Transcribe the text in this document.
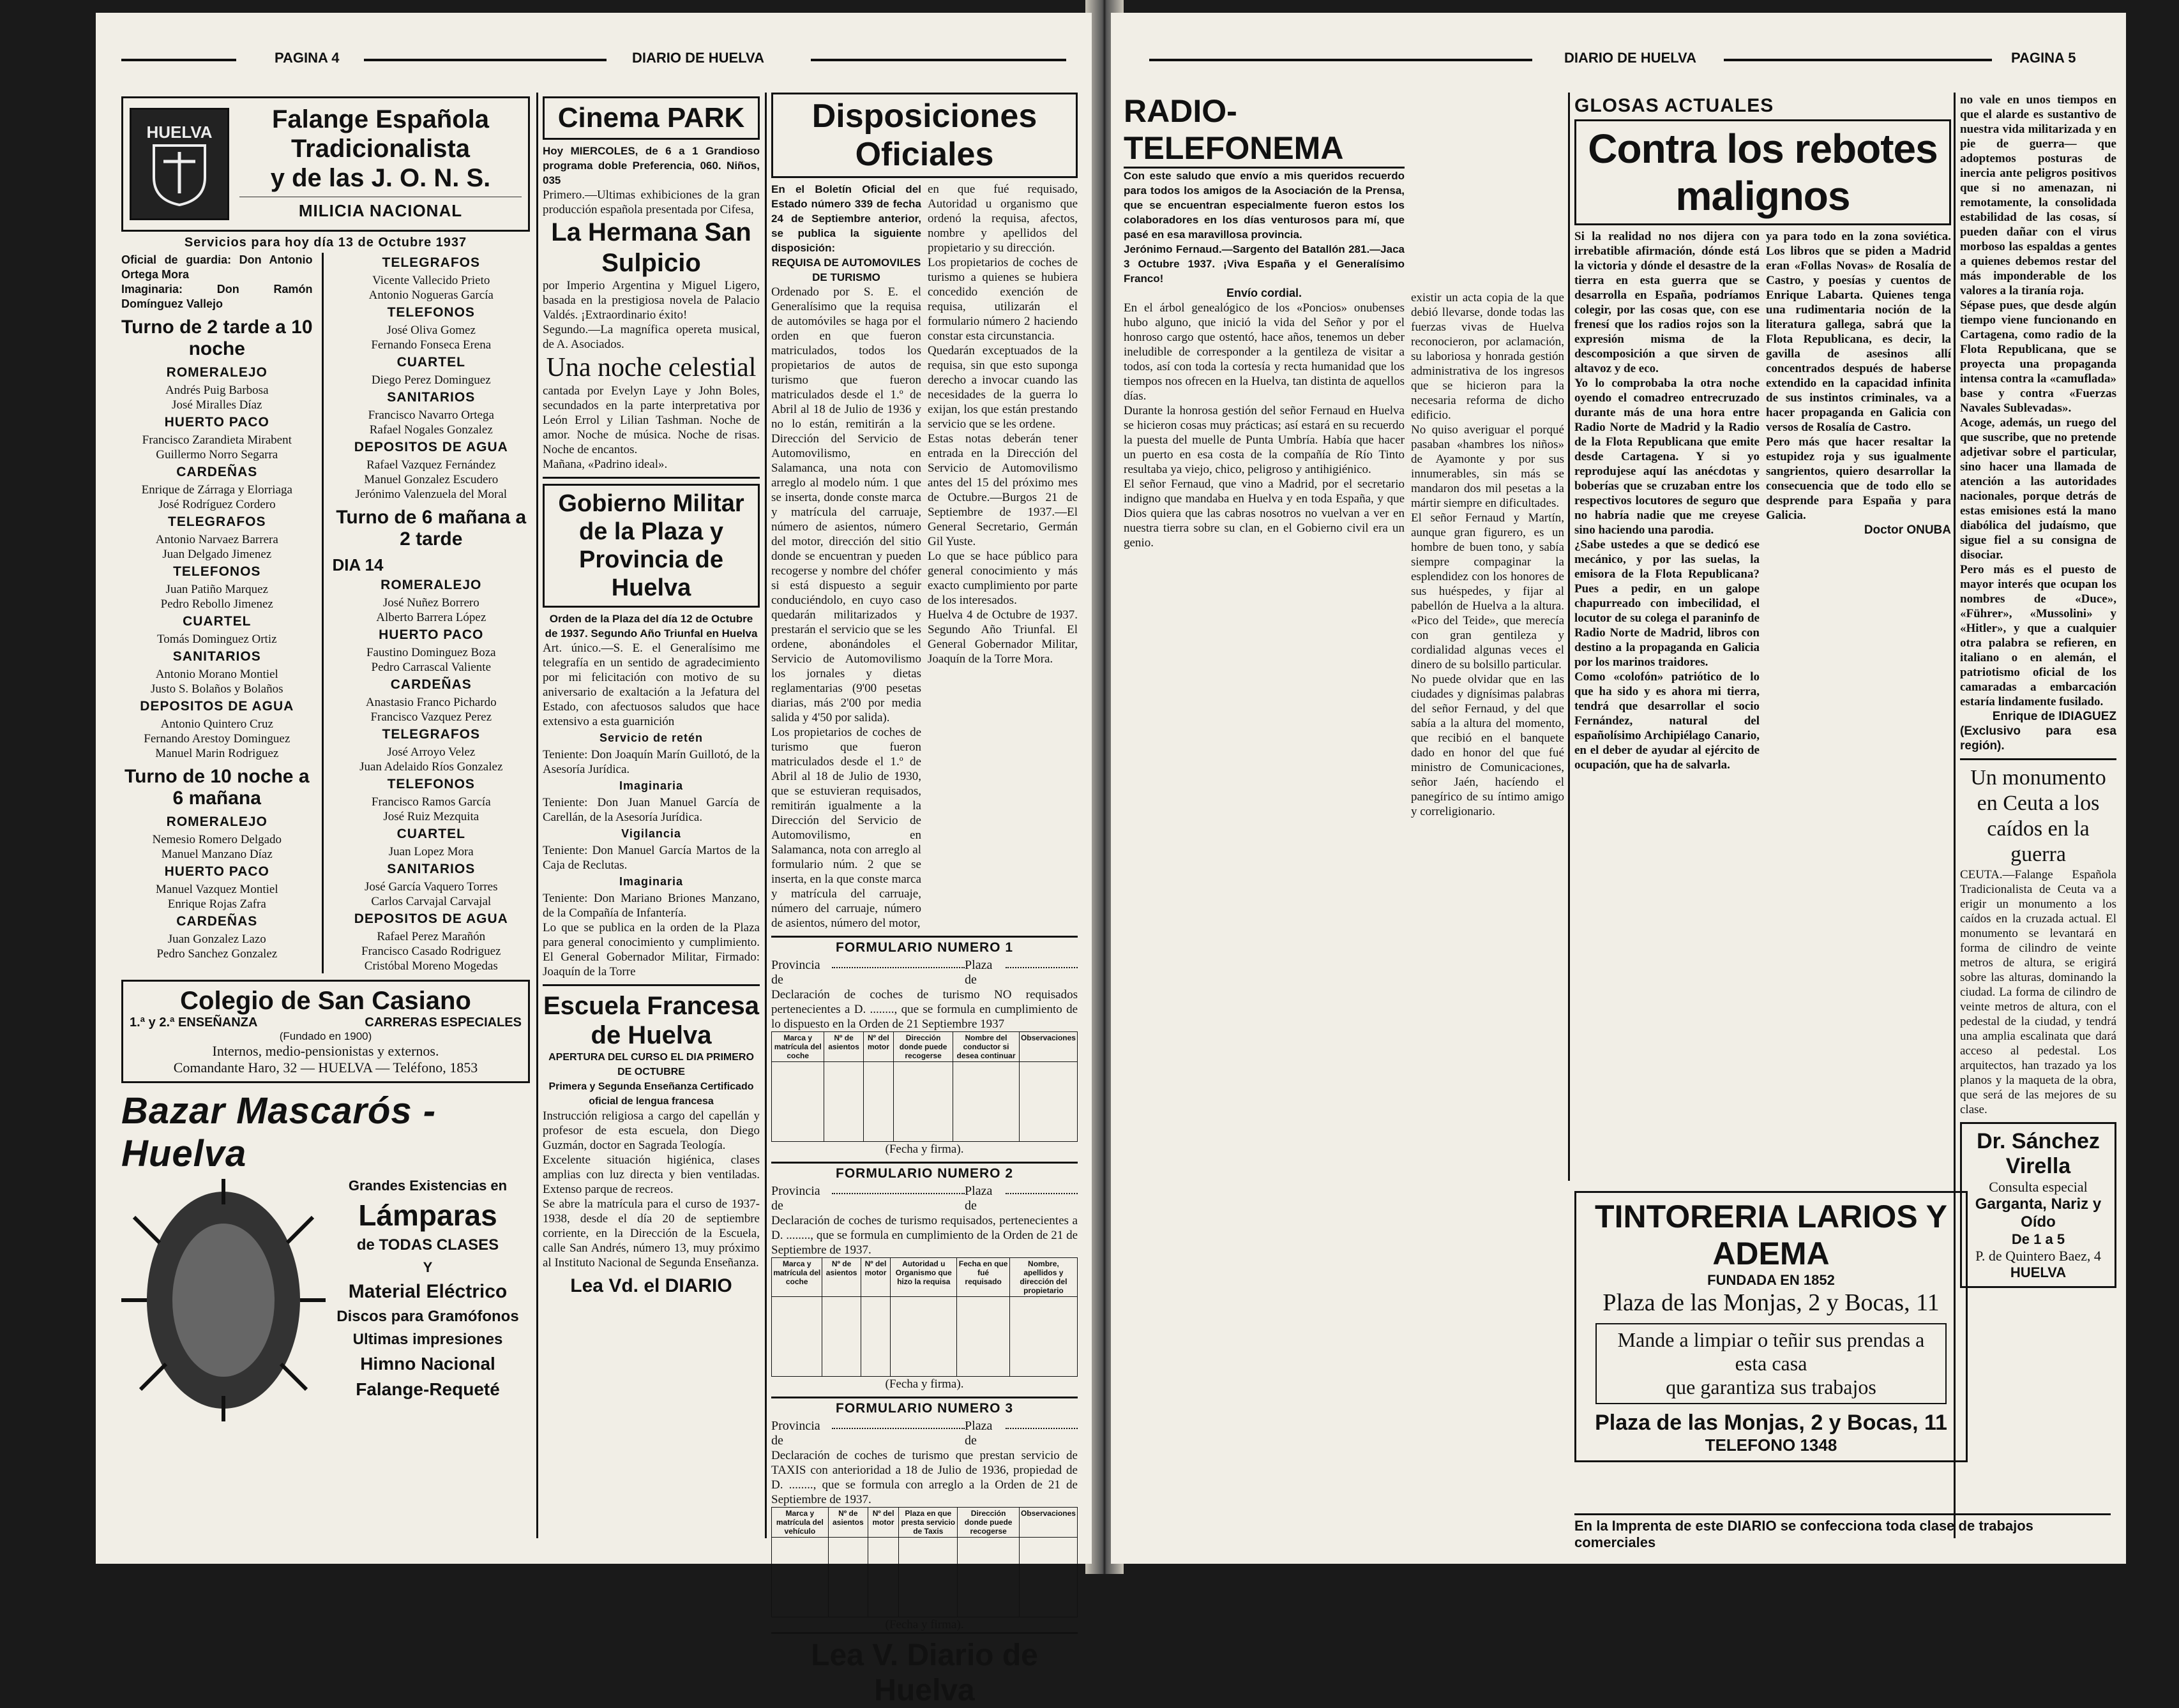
PAGINA 4	DIARIO DE HUELVA
HUELVA	Falange Española
Tradicionalista
y de las J. O. N. S.
MILICIA NACIONAL
Servicios para hoy día 13 de Octubre 1937
Oficial de guardia: Don Antonio Ortega Mora
Imaginaria: Don Ramón Domínguez Vallejo
Turno de 2 tarde a 10 noche
ROMERALEJO
Andrés Puig Barbosa
José Miralles Díaz
HUERTO PACO
Francisco Zarandieta Mirabent
Guillermo Norro Segarra
CARDEÑAS
Enrique de Zárraga y Elorriaga
José Rodríguez Cordero
TELEGRAFOS
Antonio Narvaez Barrera
Juan Delgado Jimenez
TELEFONOS
Juan Patiño Marquez
Pedro Rebollo Jimenez
CUARTEL
Tomás Dominguez Ortiz
SANITARIOS
Antonio Morano Montiel
Justo S. Bolaños y Bolaños
DEPOSITOS DE AGUA
Antonio Quintero Cruz
Fernando Arestoy Dominguez
Manuel Marin Rodriguez
Turno de 10 noche a 6 mañana
ROMERALEJO
Nemesio Romero Delgado
Manuel Manzano Díaz
HUERTO PACO
Manuel Vazquez Montiel
Enrique Rojas Zafra
CARDEÑAS
Juan Gonzalez Lazo
Pedro Sanchez Gonzalez
TELEGRAFOS
Vicente Vallecido Prieto
Antonio Nogueras García
TELEFONOS
José Oliva Gomez
Fernando Fonseca Erena
CUARTEL
Diego Perez Dominguez
SANITARIOS
Francisco Navarro Ortega
Rafael Nogales Gonzalez
DEPOSITOS DE AGUA
Rafael Vazquez Fernández
Manuel Gonzalez Escudero
Jerónimo Valenzuela del Moral
Turno de 6 mañana a 2 tarde
DIA 14
ROMERALEJO
José Nuñez Borrero
Alberto Barrera López
HUERTO PACO
Faustino Dominguez Boza
Pedro Carrascal Valiente
CARDEÑAS
Anastasio Franco Pichardo
Francisco Vazquez Perez
TELEGRAFOS
José Arroyo Velez
Juan Adelaido Ríos Gonzalez
TELEFONOS
Francisco Ramos García
José Ruiz Mezquita
CUARTEL
Juan Lopez Mora
SANITARIOS
José García Vaquero Torres
Carlos Carvajal Carvajal
DEPOSITOS DE AGUA
Rafael Perez Marañón
Francisco Casado Rodriguez
Cristóbal Moreno Mogedas
Colegio de San Casiano
1.ª y 2.ª ENSEÑANZA	CARRERAS ESPECIALES
(Fundado en 1900)
Internos, medio-pensionistas y externos.
Comandante Haro, 32 — HUELVA — Teléfono, 1853
Bazar Mascarós - Huelva
Grandes Existencias en
Lámparas
de TODAS CLASES
Y
Material Eléctrico
Discos para Gramófonos
Ultimas impresiones
Himno Nacional
Falange-Requeté
Cinema PARK
Hoy MIERCOLES, de 6 a 1 Grandioso programa doble Preferencia, 060. Niños, 035
Primero.—Ultimas exhibiciones de la gran producción española presentada por Cifesa,
La Hermana San Sulpicio
por Imperio Argentina y Miguel Ligero, basada en la prestigiosa novela de Palacio Valdés. ¡Extraordinario éxito!
Segundo.—La magnífica opereta musical, de A. Asociados.
Una noche celestial
cantada por Evelyn Laye y John Boles, secundados en la parte interpretativa por León Errol y Lilian Tashman. Noche de amor. Noche de música. Noche de risas. Noche de encantos.
Mañana, «Padrino ideal».
Gobierno Militar de la Plaza y Provincia de Huelva
Orden de la Plaza del día 12 de Octubre de 1937. Segundo Año Triunfal en Huelva
Art. único.—S. E. el Generalísimo me telegrafía en un sentido de agradecimiento por mi felicitación con motivo de su aniversario de exaltación a la Jefatura del Estado, con afectuosos saludos que hace extensivo a esta guarnición
Servicio de retén
Teniente: Don Joaquín Marín Guillotó, de la Asesoría Jurídica.
Imaginaria
Teniente: Don Juan Manuel García de Carellán, de la Asesoría Jurídica.
Vigilancia
Teniente: Don Manuel García Martos de la Caja de Reclutas.
Imaginaria
Teniente: Don Mariano Briones Manzano, de la Compañía de Infantería.
Lo que se publica en la orden de la Plaza para general conocimiento y cumplimiento. El General Gobernador Militar, Firmado: Joaquín de la Torre
Escuela Francesa de Huelva
APERTURA DEL CURSO EL DIA PRIMERO DE OCTUBRE
Primera y Segunda Enseñanza Certificado oficial de lengua francesa
Instrucción religiosa a cargo del capellán y profesor de esta escuela, don Diego Guzmán, doctor en Sagrada Teología.
Excelente situación higiénica, clases amplias con luz directa y bien ventiladas. Extenso parque de recreos.
Se abre la matrícula para el curso de 1937-1938, desde el día 20 de septiembre corriente, en la Dirección de la Escuela, calle San Andrés, número 13, muy próximo al Instituto Nacional de Segunda Enseñanza.
Lea Vd. el DIARIO
Disposiciones Oficiales
En el Boletín Oficial del Estado número 339 de fecha 24 de Septiembre anterior, se publica la siguiente disposición:
REQUISA DE AUTOMOVILES DE TURISMO
Ordenado por S. E. el Generalísimo que la requisa de automóviles se haga por el orden en que fueron matriculados, todos los propietarios de autos de turismo que fueron matriculados desde el 1.º de Abril al 18 de Julio de 1936 y no lo están, remitirán a la Dirección del Servicio de Automovilismo, en Salamanca, una nota con arreglo al modelo núm. 1 que se inserta, donde conste marca y matrícula del carruaje, número de asientos, número del motor, dirección del sitio donde se encuentran y pueden recogerse y nombre del chófer si está dispuesto a seguir conduciéndolo, en cuyo caso quedarán militarizados y prestarán el servicio que se les ordene, abonándoles el Servicio de Automovilismo los jornales y dietas reglamentarias (9'00 pesetas diarias, más 2'00 por media salida y 4'50 por salida).
Los propietarios de coches de turismo que fueron matriculados desde el 1.º de Abril al 18 de Julio de 1930, que se estuvieran requisados, remitirán igualmente a la Dirección del Servicio de Automovilismo, en Salamanca, nota con arreglo al formulario núm. 2 que se inserta, en la que conste marca y matrícula del carruaje, número del carruaje, número de asientos, número del motor,
en que fué requisado, Autoridad u organismo que ordenó la requisa, afectos, nombre y apellidos del propietario y su dirección.
Los propietarios de coches de turismo a quienes se hubiera concedido exención de requisa, utilizarán el formulario número 2 haciendo constar esta circunstancia.
Quedarán exceptuados de la requisa, sin que esto suponga derecho a invocar cuando las necesidades de la guerra lo exijan, los que están prestando servicio que se les ordene.
Estas notas deberán tener entrada en la Dirección del Servicio de Automovilismo antes del 15 del próximo mes de Octubre.—Burgos 21 de Septiembre de 1937.—El General Secretario, Germán Gil Yuste.
Lo que se hace público para general conocimiento y más exacto cumplimiento por parte de los interesados.
Huelva 4 de Octubre de 1937. Segundo Año Triunfal. El General Gobernador Militar, Joaquín de la Torre Mora.
FORMULARIO NUMERO 1
Provincia de
Plaza de
Declaración de coches de turismo NO requisados pertenecientes a D. ........, que se formula en cumplimiento de lo dispuesto en la Orden de 21 Septiembre 1937
Marca y matrícula del coche	Nº de asientos	Nº del motor	Dirección donde puede recogerse	Nombre del conductor si desea continuar	Observaciones

(Fecha y firma).
FORMULARIO NUMERO 2
Provincia de
Plaza de
Declaración de coches de turismo requisados, pertenecientes a D. ........, que se formula en cumplimiento de la Orden de 21 de Septiembre de 1937.
Marca y matrícula del coche	Nº de asientos	Nº del motor	Autoridad u Organismo que hizo la requisa	Fecha en que fué requisado	Nombre, apellidos y dirección del propietario

(Fecha y firma).
FORMULARIO NUMERO 3
Provincia de
Plaza de
Declaración de coches de turismo que prestan servicio de TAXIS con anterioridad a 18 de Julio de 1936, propiedad de D. ........, que se formula con arreglo a la Orden de 21 de Septiembre de 1937.
Marca y matrícula del vehículo	Nº de asientos	Nº del motor	Plaza en que presta servicio de Taxis	Dirección donde puede recogerse	Observaciones

(Fecha y firma).
Lea V. Diario de Huelva
DIARIO DE HUELVA	PAGINA 5
RADIO-TELEFONEMA
Con este saludo que envío a mis queridos recuerdo para todos los amigos de la Asociación de la Prensa, que se encuentran especialmente fueron estos los colaboradores en los días venturosos para mí, que pasé en esa maravillosa provincia.
Jerónimo Fernaud.—Sargento del Batallón 281.—Jaca 3 Octubre 1937. ¡Viva España y el Generalísimo Franco!
Envío cordial.
En el árbol genealógico de los «Poncios» onubenses hubo alguno, que inició la vida del Señor y por el honroso cargo que ostentó, hace años, tenemos un deber ineludible de corresponder a la gentileza de visitar a todos, así con toda la cortesía y recta humanidad que los tiempos nos ofrecen en la Huelva, tan distinta de aquellos días.
Durante la honrosa gestión del señor Fernaud en Huelva se hicieron cosas muy prácticas; así estará en su recuerdo la puesta del muelle de Punta Umbría. Había que hacer un puerto en esa costa de la compañía de Río Tinto resultaba ya viejo, chico, peligroso y antihigiénico.
El señor Fernaud, que vino a Madrid, por el secretario indigno que mandaba en Huelva y en toda España, y que Dios quiera que las cabras nosotros no vuelvan a ver en nuestra tierra sobre su clan, en el Gobierno civil era un genio.
existir un acta copia de la que debió llevarse, donde todas las fuerzas vivas de Huelva reconocieron, por aclamación, su laboriosa y honrada gestión administrativa de los ingresos que se hicieron para la necesaria reforma de dicho edificio.
No quiso averiguar el porqué pasaban «hambres los niños» de Ayamonte y por sus innumerables, sin más se mandaron dos mil pesetas a la mártir siempre en dificultades.
El señor Fernaud y Martín, aunque gran figurero, es un hombre de buen tono, y sabía siempre compaginar la esplendidez con los honores de sus huéspedes, y fijar al pabellón de Huelva a la altura. «Pico del Teide», que merecía con gran gentileza y cordialidad algunas veces el dinero de su bolsillo particular.
No puede olvidar que en las ciudades y dignísimas palabras del señor Fernaud, y del que sabía a la altura del momento, que recibió en el banquete dado en honor del que fué ministro de Comunicaciones, señor Jaén, hacíendo el panegírico de su íntimo amigo y correligionario.
GLOSAS ACTUALES
Contra los rebotes malignos
Si la realidad no nos dijera con irrebatible afirmación, dónde está la victoria y dónde el desastre de la tierra en esta guerra que se desarrolla en España, podríamos colegir, por las cosas que, con ese frenesí que los radios rojos son la expresión misma de la descomposición a que sirven de altavoz y de eco.
Yo lo comprobaba la otra noche oyendo el comadreo entrecruzado durante más de una hora entre Radio Norte de Madrid y la Radio de la Flota Republicana que emite desde Cartagena. Y si yo reprodujese aquí las anécdotas y boberías que se cruzaban entre los respectivos locutores de seguro que no habría nadie que me creyese sino haciendo una parodia.
¿Sabe ustedes a que se dedicó ese mecánico, y por las suelas, la emisora de la Flota Republicana? Pues a pedir, en un galope chapurreado con imbecilidad, el locutor de su colega el paraninfo de Radio Norte de Madrid, libros con destino a la propaganda en Galicia por los marinos traidores.
Como «colofón» patriótico de lo que ha sido y es ahora mi tierra, tendrá que desarrollar el socio Fernández, natural del españolísimo Archipiélago Canario, en el deber de ayudar al ejército de ocupación, que ha de salvarla.
ya para todo en la zona soviética. Los libros que se piden a Madrid eran «Follas Novas» de Rosalía de Castro, y poesías y cuentos de Enrique Labarta. Quienes tenga una rudimentaria noción de la literatura gallega, sabrá que la Flota Republicana, es decir, la gavilla de asesinos allí concentrados después de haberse extendido en la capacidad infinita de sus instintos criminales, va a hacer propaganda en Galicia con versos de Rosalía de Castro.
Pero más que hacer resaltar la estupidez roja y sus igualmente sangrientos, quiero desarrollar la consecuencia que de todo ello se desprende para España y para Galicia.
Doctor ONUBA
no vale en unos tiempos en que el alarde es sustantivo de nuestra vida militarizada y en pie de guerra— que adoptemos posturas de inercia ante peligros positivos que si no amenazan, ni remotamente, la consolidada estabilidad de las cosas, sí pueden dañar con el virus morboso las espaldas a gentes a quienes debemos restar del más imponderable de los valores a la tiranía roja.
Sépase pues, que desde algún tiempo viene funcionando en Cartagena, como radio de la Flota Republicana, que se proyecta una propaganda intensa contra la «camuflada» base y contra «Fuerzas Navales Sublevadas».
Acoge, además, un ruego del que suscribe, que no pretende adjetivar sobre el particular, sino hacer una llamada de atención a las autoridades nacionales, porque detrás de estas emisiones está la mano diabólica del judaísmo, que sigue fiel a su consigna de disociar.
Pero más es el puesto de mayor interés que ocupan los nombres de «Duce», «Führer», «Mussolini» y «Hitler», y que a cualquier otra palabra se refieren, en italiano o en alemán, el patriotismo oficial de los camaradas a embarcación estaría lindamente fusilado.
Enrique de IDIAGUEZ
(Exclusivo para esa región).
Un monumento en Ceuta a los caídos en la guerra
CEUTA.—Falange Española Tradicionalista de Ceuta va a erigir un monumento a los caídos en la cruzada actual. El monumento se levantará en forma de cilindro de veinte metros de altura, se erigirá sobre las alturas, dominando la ciudad. La forma de cilindro de veinte metros de altura, con el pedestal de la ciudad, y tendrá una amplia escalinata que dará acceso al pedestal. Los arquitectos, han trazado ya los planos y la maqueta de la obra, que será de las mejores de su clase.
Dr. Sánchez Virella
Consulta especial
Garganta, Nariz y Oído
De 1 a 5
P. de Quintero Baez, 4
HUELVA
TINTORERIA LARIOS Y ADEMA
FUNDADA EN 1852
Plaza de las Monjas, 2 y Bocas, 11
Mande a limpiar o teñir sus prendas a esta casa
que garantiza sus trabajos
Plaza de las Monjas, 2 y Bocas, 11
TELEFONO 1348
En la Imprenta de este DIARIO se confecciona toda clase de trabajos comerciales
